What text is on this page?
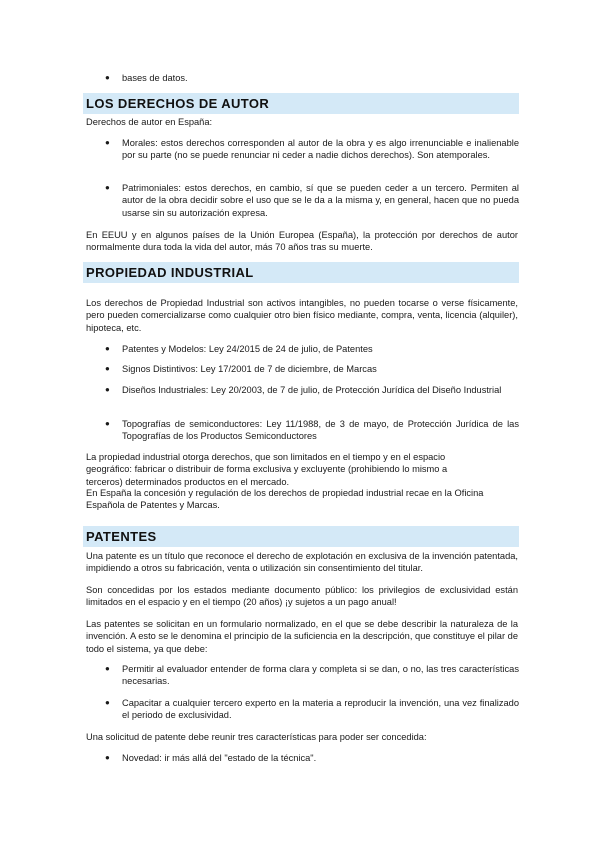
● bases de datos.
LOS DERECHOS DE AUTOR
Derechos de autor en España:
● Morales: estos derechos corresponden al autor de la obra y es algo irrenunciable e inalienable por su parte (no se puede renunciar ni ceder a nadie dichos derechos). Son atemporales.
● Patrimoniales: estos derechos, en cambio, sí que se pueden ceder a un tercero. Permiten al autor de la obra decidir sobre el uso que se le da a la misma y, en general, hacen que no pueda usarse sin su autorización expresa.
En EEUU y en algunos países de la Unión Europea (España), la protección por derechos de autor normalmente dura toda la vida del autor, más 70 años tras su muerte.
PROPIEDAD INDUSTRIAL
Los derechos de Propiedad Industrial son activos intangibles, no pueden tocarse o verse físicamente, pero pueden comercializarse como cualquier otro bien físico mediante, compra, venta, licencia (alquiler), hipoteca, etc.
● Patentes y Modelos: Ley 24/2015 de 24 de julio, de Patentes
● Signos Distintivos: Ley 17/2001 de 7 de diciembre, de Marcas
● Diseños Industriales: Ley 20/2003, de 7 de julio, de Protección Jurídica del Diseño Industrial
● Topografías de semiconductores: Ley 11/1988, de 3 de mayo, de Protección Jurídica de las Topografías de los Productos Semiconductores
La propiedad industrial otorga derechos, que son limitados en el tiempo y en el espacio geográfico: fabricar o distribuir de forma exclusiva y excluyente (prohibiendo lo mismo a terceros) determinados productos en el mercado.
En España la concesión y regulación de los derechos de propiedad industrial recae en la Oficina Española de Patentes y Marcas.
PATENTES
Una patente es un título que reconoce el derecho de explotación en exclusiva de la invención patentada, impidiendo a otros su fabricación, venta o utilización sin consentimiento del titular.
Son concedidas por los estados mediante documento público: los privilegios de exclusividad están limitados en el espacio y en el tiempo (20 años) ¡y sujetos a un pago anual!
Las patentes se solicitan en un formulario normalizado, en el que se debe describir la naturaleza de la invención. A esto se le denomina el principio de la suficiencia en la descripción, que constituye el pilar de todo el sistema, ya que debe:
● Permitir al evaluador entender de forma clara y completa si se dan, o no, las tres características necesarias.
● Capacitar a cualquier tercero experto en la materia a reproducir la invención, una vez finalizado el periodo de exclusividad.
Una solicitud de patente debe reunir tres características para poder ser concedida:
● Novedad: ir más allá del "estado de la técnica".
